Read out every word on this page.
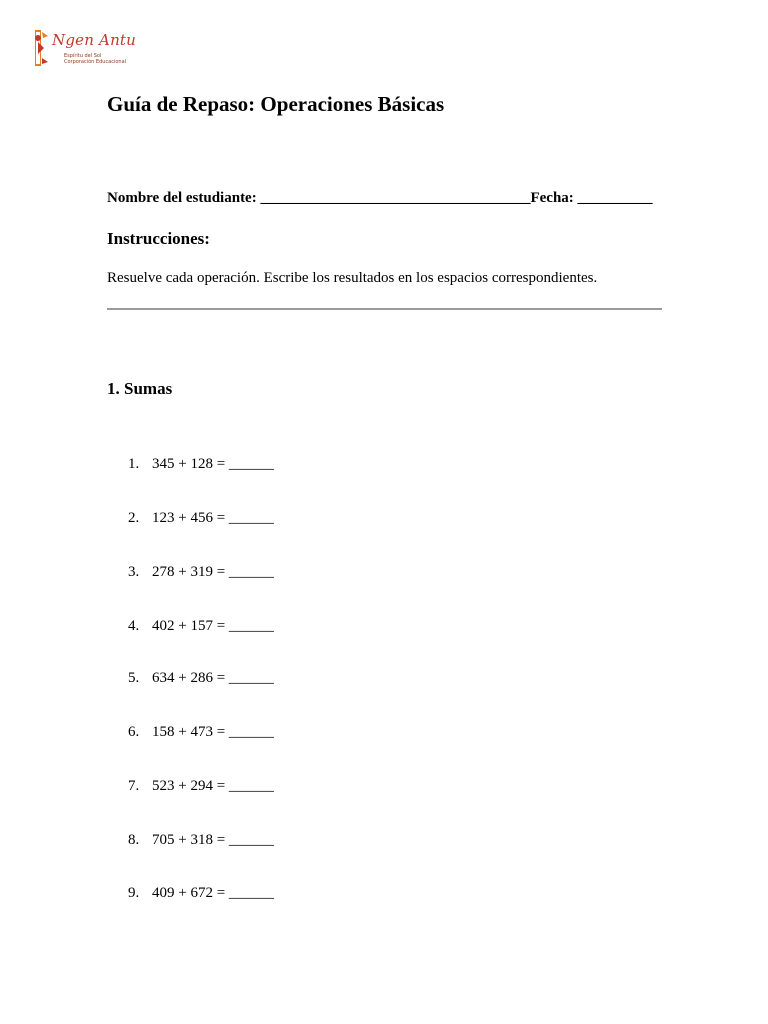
Ngen Antu
Espíritu del Sol
Corporación Educacional
Guía de Repaso: Operaciones Básicas
Nombre del estudiante: ____________________________________Fecha: __________
Instrucciones:
Resuelve cada operación. Escribe los resultados en los espacios correspondientes.
1. Sumas
1. 345 + 128 = ______
2. 123 + 456 = ______
3. 278 + 319 = ______
4. 402 + 157 = ______
5. 634 + 286 = ______
6. 158 + 473 = ______
7. 523 + 294 = ______
8. 705 + 318 = ______
9. 409 + 672 = ______
